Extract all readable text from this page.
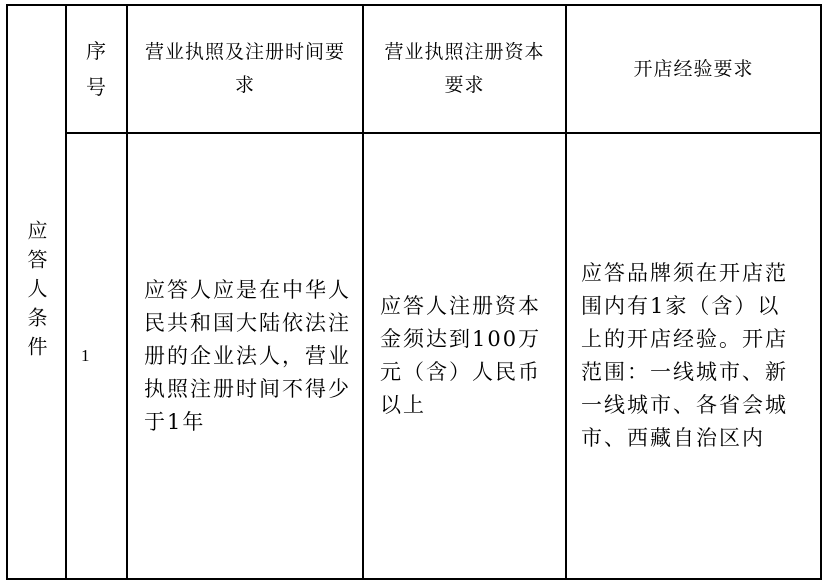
应答人条件
序号
营业执照及注册时间要求
营业执照注册资本要求
开店经验要求
1
应答人应是在中华人民共和国大陆依法注册的企业法人，营业执照注册时间不得少于1年
应答人注册资本金须达到100万元（含）人民币以上
应答品牌须在开店范围内有1家（含）以上的开店经验。开店范围：一线城市、新一线城市、各省会城市、西藏自治区内
